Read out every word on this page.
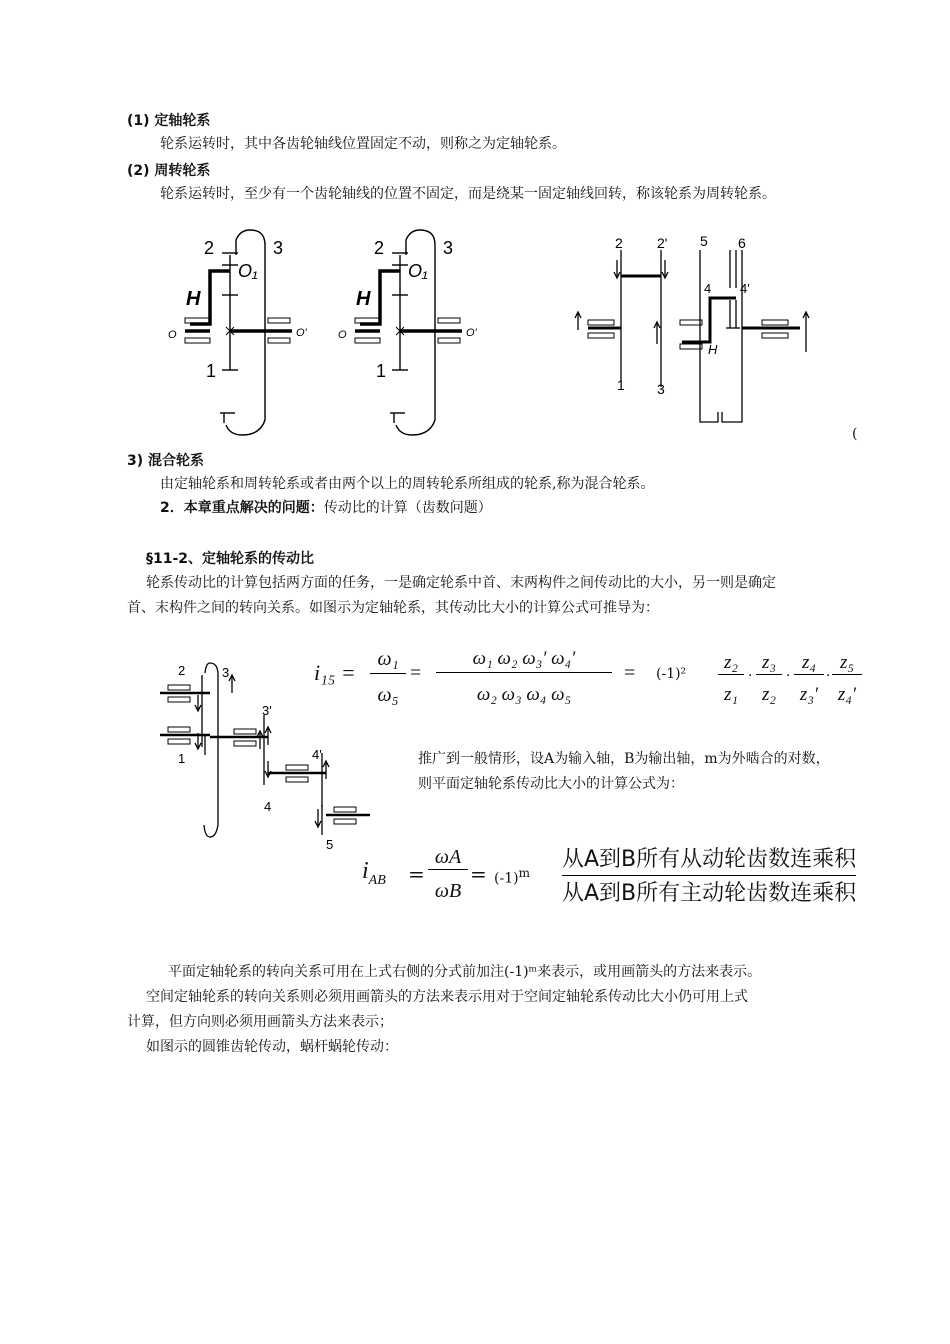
(1) 定轴轮系
轮系运转时，其中各齿轮轴线位置固定不动，则称之为定轴轮系。
(2) 周转轮系
轮系运转时，至少有一个齿轮轴线的位置不固定，而是绕某一固定轴线回转，称该轮系为周转轮系。
2	3
H
O₁
O	O'
1
2	3
H
O₁
O	O'
1
2 2' 5 6
4 4'
H
1 3
(
3) 混合轮系
由定轴轮系和周转轮系或者由两个以上的周转轮系所组成的轮系,称为混合轮系。
2．本章重点解决的问题：传动比的计算（齿数问题）
§11-2、定轴轮系的传动比
轮系传动比的计算包括两方面的任务，一是确定轮系中首、末两构件之间传动比的大小，另一则是确定
首、末构件之间的转向关系。如图示为定轴轮系，其传动比大小的计算公式可推导为：
2	3
1
3'
4
4'
5
i₁₅ =
ω₁
ω₅
=
ω₁ ω₂ ω₃′ ω₄′
ω₂ ω₃ ω₄ ω₅
= (-1)²
z₂
z₁
z₃
z₂
z₄
z₃′
z₅
z₄′
· ·	·
推广到一般情形，设A为输入轴，B为输出轴，m为外啮合的对数，
则平面定轴轮系传动比大小的计算公式为：
$i_{AB}$ =
ωA
ωB
= $(-1)^m$
从A到B所有从动轮齿数连乘积
从A到B所有主动轮齿数连乘积
平面定轴轮系的转向关系可用在上式右侧的分式前加注(-1)ᵐ来表示，或用画箭头的方法来表示。
空间定轴轮系的转向关系则必须用画箭头的方法来表示用对于空间定轴轮系传动比大小仍可用上式
计算，但方向则必须用画箭头方法来表示；
如图示的圆锥齿轮传动，蜗杆蜗轮传动：
